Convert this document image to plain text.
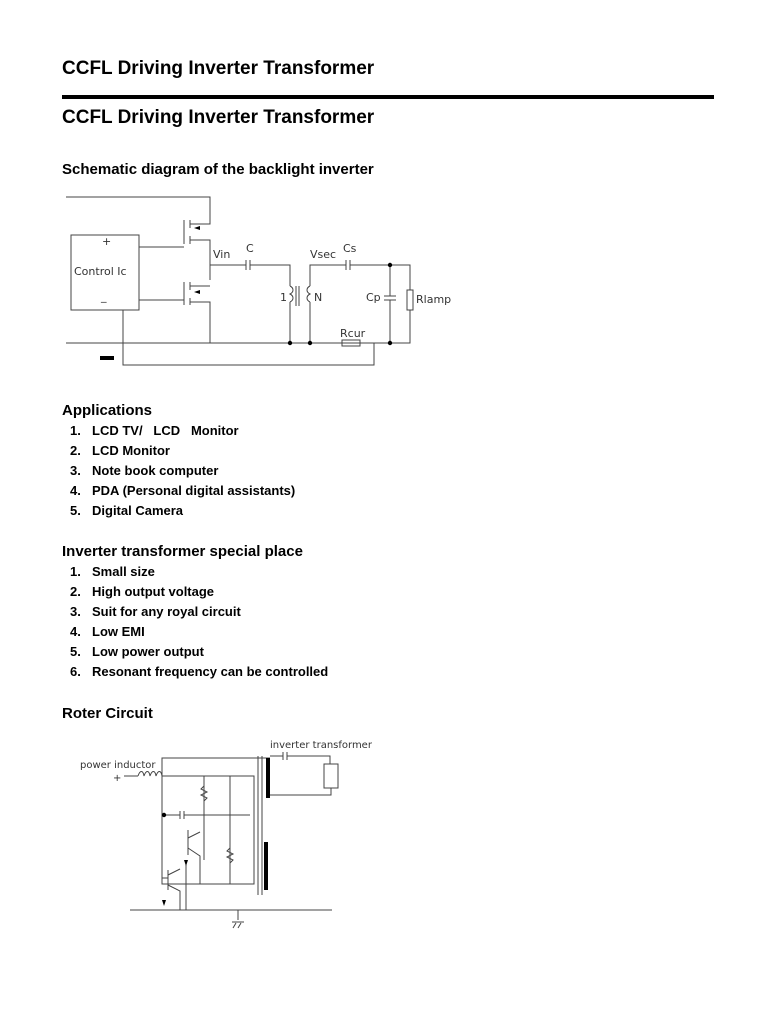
CCFL Driving Inverter Transformer
CCFL Driving Inverter Transformer
Schematic diagram of the backlight inverter
+
Control Ic
_
Vin C	Vsec Cs
1 N	Cp	Rlamp
Rcur
Applications
1. LCD TV/   LCD   Monitor
2. LCD Monitor
3. Note book computer
4. PDA (Personal digital assistants)
5. Digital Camera
Inverter transformer special place
1. Small size
2. High output voltage
3. Suit for any royal circuit
4. Low EMI
5. Low power output
6. Resonant frequency can be controlled
Roter Circuit
inverter transformer
power inductor
+
